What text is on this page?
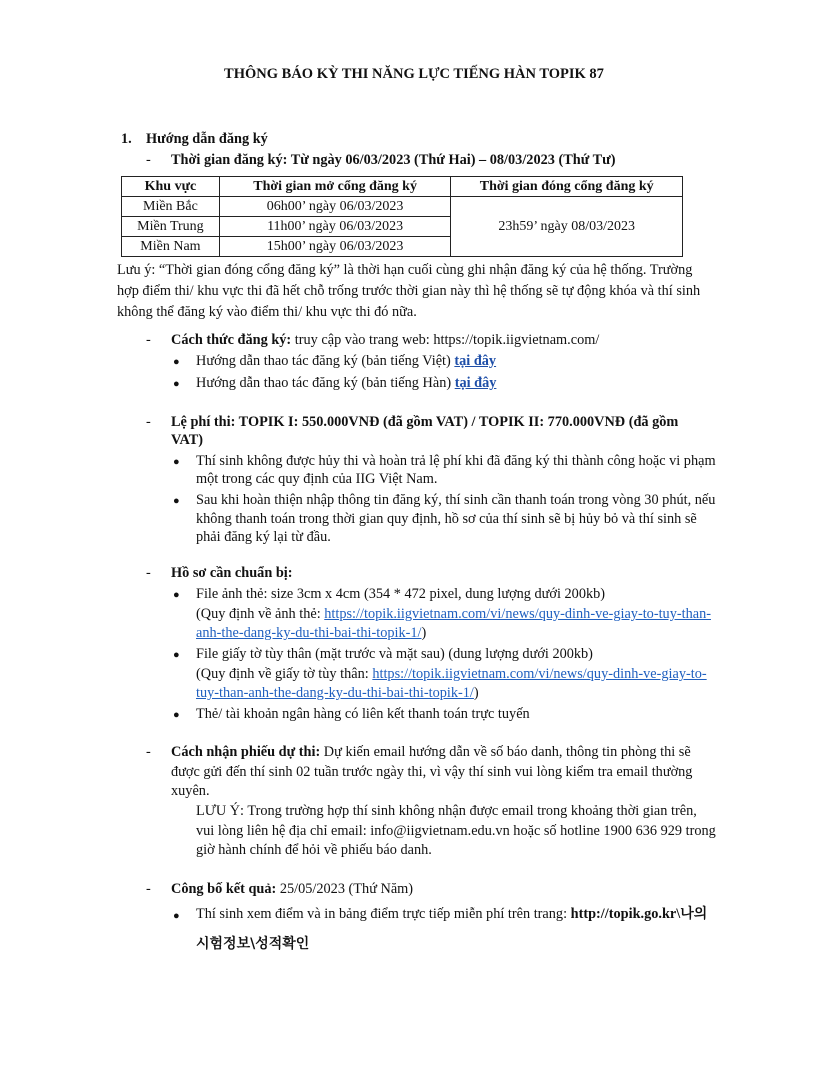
THÔNG BÁO KỲ THI NĂNG LỰC TIẾNG HÀN TOPIK 87
1. Hướng dẫn đăng ký
-	Thời gian đăng ký: Từ ngày 06/03/2023 (Thứ Hai) – 08/03/2023 (Thứ Tư)
Khu vực	Thời gian mở cổng đăng ký	Thời gian đóng cổng đăng ký
Miền Bắc	06h00’ ngày 06/03/2023	23h59’ ngày 08/03/2023
Miền Trung	11h00’ ngày 06/03/2023	
Miền Nam	15h00’ ngày 06/03/2023	
Lưu ý: “Thời gian đóng cổng đăng ký” là thời hạn cuối cùng ghi nhận đăng ký của hệ thống. Trường
hợp điểm thi/ khu vực thi đã hết chỗ trống trước thời gian này thì hệ thống sẽ tự động khóa và thí sinh
không thể đăng ký vào điểm thi/ khu vực thi đó nữa.
-	Cách thức đăng ký: truy cập vào trang web: https://topik.iigvietnam.com/
● Hướng dẫn thao tác đăng ký (bản tiếng Việt) tại đây
● Hướng dẫn thao tác đăng ký (bản tiếng Hàn) tại đây
-	Lệ phí thi: TOPIK I: 550.000VNĐ (đã gồm VAT) / TOPIK II: 770.000VNĐ (đã gồm
VAT)
● Thí sinh không được hủy thi và hoàn trả lệ phí khi đã đăng ký thi thành công hoặc vi phạm
một trong các quy định của IIG Việt Nam.
● Sau khi hoàn thiện nhập thông tin đăng ký, thí sinh cần thanh toán trong vòng 30 phút, nếu
không thanh toán trong thời gian quy định, hồ sơ của thí sinh sẽ bị hủy bỏ và thí sinh sẽ
phải đăng ký lại từ đầu.
-	Hồ sơ cần chuẩn bị:
● File ảnh thẻ: size 3cm x 4cm (354 * 472 pixel, dung lượng dưới 200kb)
(Quy định về ảnh thẻ: https://topik.iigvietnam.com/vi/news/quy-dinh-ve-giay-to-tuy-than-
anh-the-dang-ky-du-thi-bai-thi-topik-1/)
● File giấy tờ tùy thân (mặt trước và mặt sau) (dung lượng dưới 200kb)
(Quy định về giấy tờ tùy thân: https://topik.iigvietnam.com/vi/news/quy-dinh-ve-giay-to-
tuy-than-anh-the-dang-ky-du-thi-bai-thi-topik-1/)
● Thẻ/ tài khoản ngân hàng có liên kết thanh toán trực tuyến
-	Cách nhận phiếu dự thi: Dự kiến email hướng dẫn về số báo danh, thông tin phòng thi sẽ
được gửi đến thí sinh 02 tuần trước ngày thi, vì vậy thí sinh vui lòng kiểm tra email thường
xuyên.
LƯU Ý: Trong trường hợp thí sinh không nhận được email trong khoảng thời gian trên,
vui lòng liên hệ địa chỉ email: info@iigvietnam.edu.vn hoặc số hotline 1900 636 929 trong
giờ hành chính để hỏi về phiếu báo danh.
-	Công bố kết quả: 25/05/2023 (Thứ Năm)
● Thí sinh xem điểm và in bảng điểm trực tiếp miễn phí trên trang: http://topik.go.kr\나의
시험정보\성적확인
